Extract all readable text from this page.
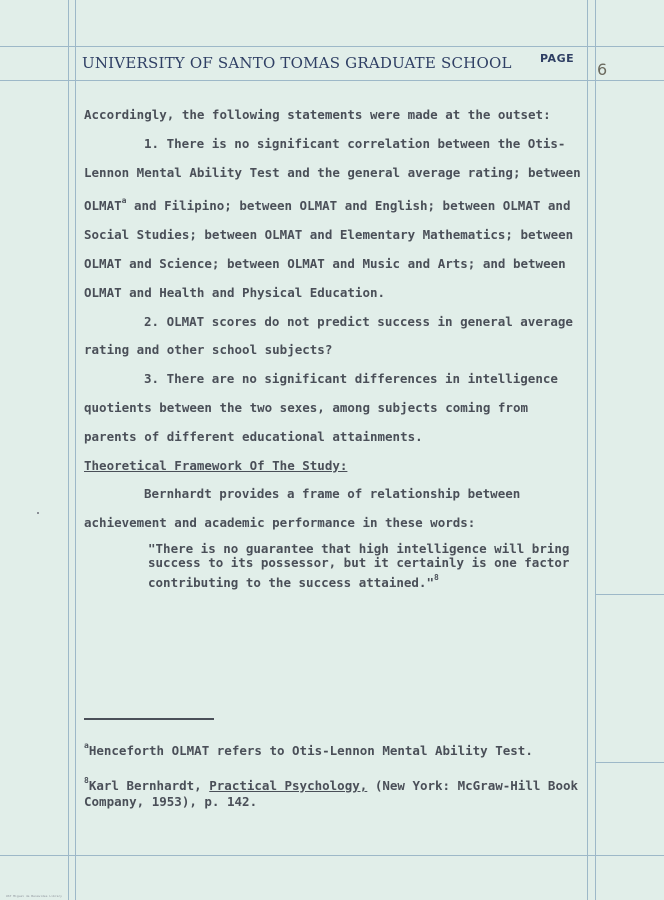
UNIVERSITY OF SANTO TOMAS GRADUATE SCHOOL	PAGE
6

Accordingly, the following statements were made at the outset:

1. There is no significant correlation between the Otis-Lennon Mental Ability Test and the general average rating; between OLMAT$^a$ and Filipino; between OLMAT and English; between OLMAT and Social Studies; between OLMAT and Elementary Mathematics; between OLMAT and Science; between OLMAT and Music and Arts; and between OLMAT and Health and Physical Education.

2. OLMAT scores do not predict success in general average rating and other school subjects?

3. There are no significant differences in intelligence quotients between the two sexes, among subjects coming from parents of different educational attainments.

Theoretical Framework Of The Study:

Bernhardt provides a frame of relationship between achievement and academic performance in these words:

"There is no guarantee that high intelligence will bring success to its possessor, but it certainly is one factor contributing to the success attained."$^8$

$^a$Henceforth OLMAT refers to Otis-Lennon Mental Ability Test.

$^8$Karl Bernhardt, Practical Psychology, (New York: McGraw-Hill Book Company, 1953), p. 142.

UST Miguel de Benavides Library
